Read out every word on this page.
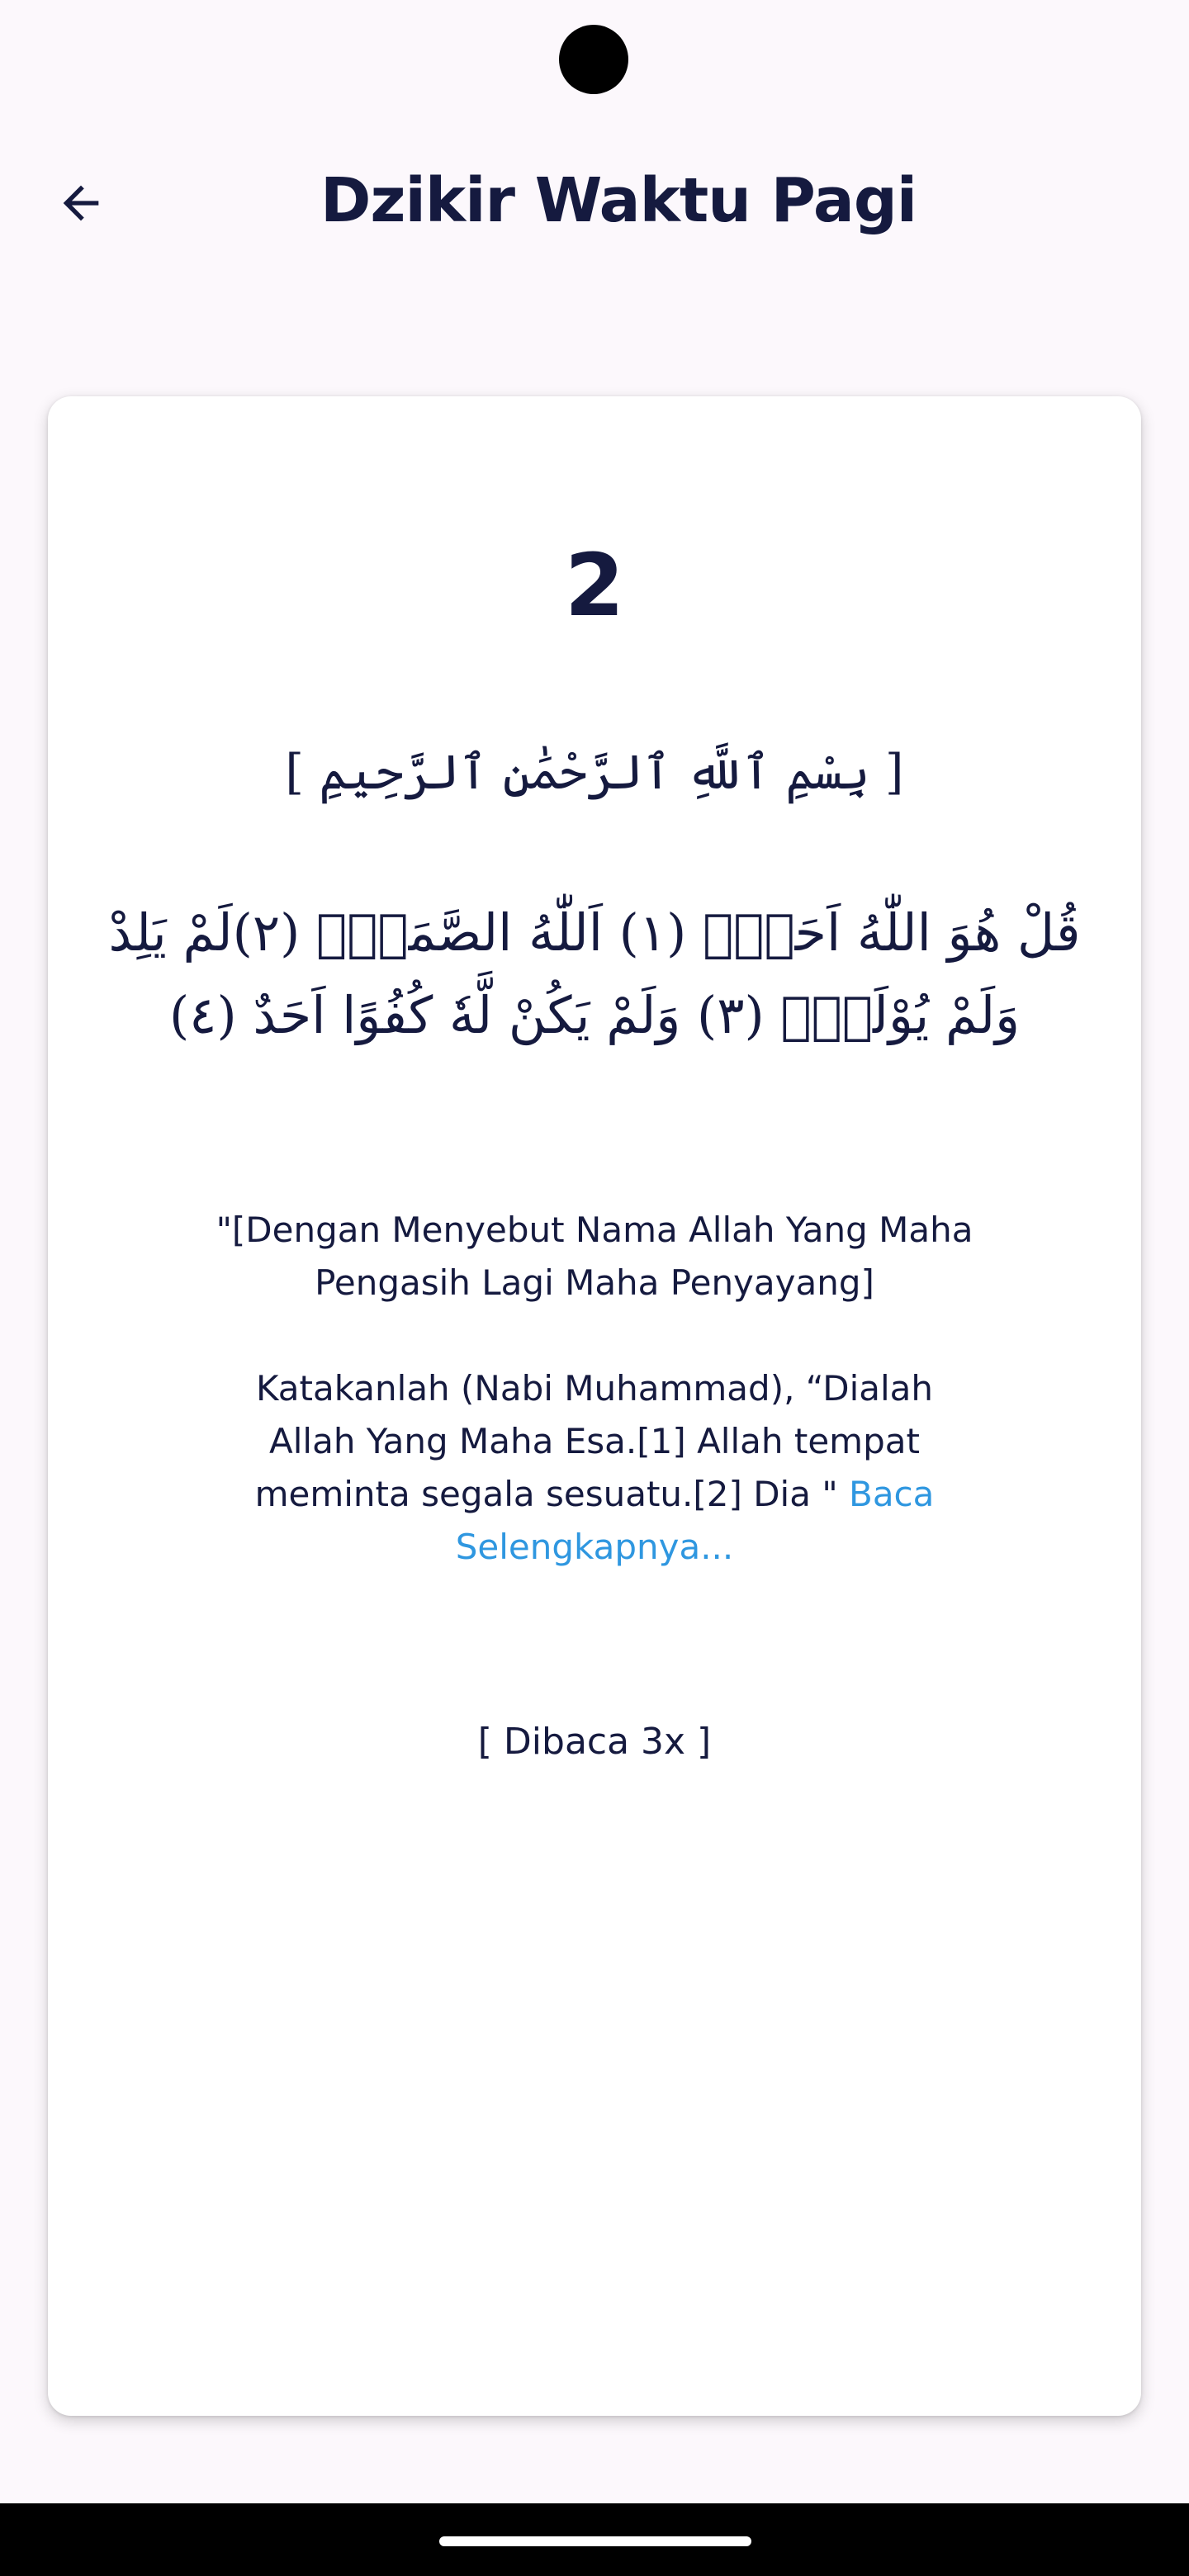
Dzikir Waktu Pagi
2
[ بِسْمِ ٱللَّهِ ٱلرَّحْمَٰنِ ٱلرَّحِيمِ ]
قُلْ هُوَ اللّٰهُ اَحَدٌۚ (١) اَللّٰهُ الصَّمَدُۚ (٢)لَمْ يَلِدْ وَلَمْ يُوْلَدْۙ (٣) وَلَمْ يَكُنْ لَّهٗ كُفُوًا اَحَدٌ (٤)

"[Dengan Menyebut Nama Allah Yang Maha Pengasih Lagi Maha Penyayang]

Katakanlah (Nabi Muhammad), “Dialah Allah Yang Maha Esa.[1] Allah tempat meminta segala sesuatu.[2] Dia " Baca Selengkapnya...

[ Dibaca 3x ]
